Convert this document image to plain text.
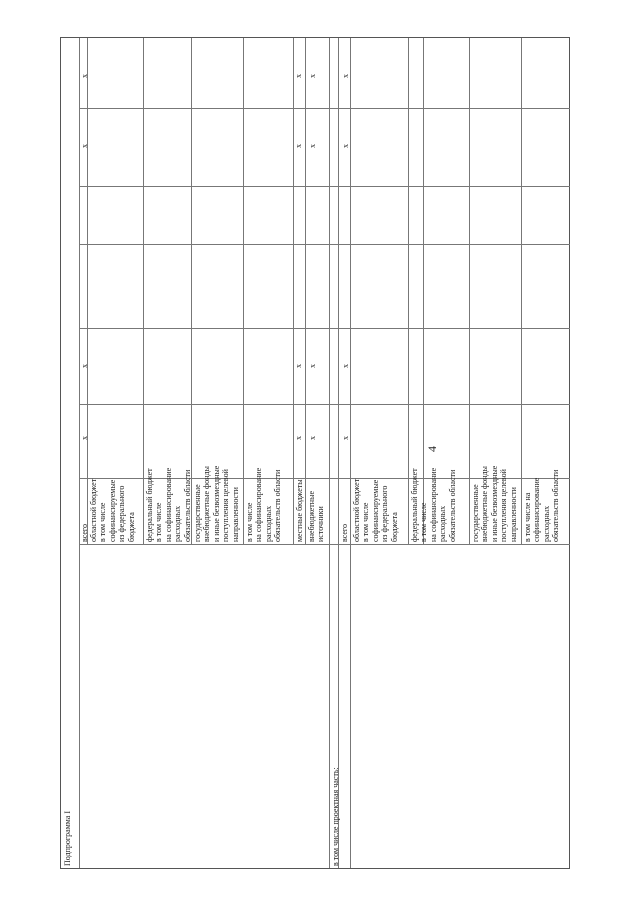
4
Подпрограмма I	в том числе проектная часть:
всего областной бюджет
в том числе
софинансируемые
из федерального
бюджета федеральный бюджет
в том числе
на софинансирование
расходных
обязательств области
государственные
внебюджетные фонды
и иные безвозмездные
поступления целевой
направленности в том числе
на софинансирование
расходных
обязательств области местные бюджеты внебюджетные
источники всего областной бюджет
в том числе
софинансируемые
из федерального
бюджета федеральный бюджет
в том числе
на софинансирование
расходных
обязательств области
государственные
внебюджетные фонды
и иные безвозмездные
поступления целевой
направленности в том числе на
софинансирование
расходных
обязательств области
x
x
x
x
x
x
x
x
x
x
x
x
x
x
x
x
